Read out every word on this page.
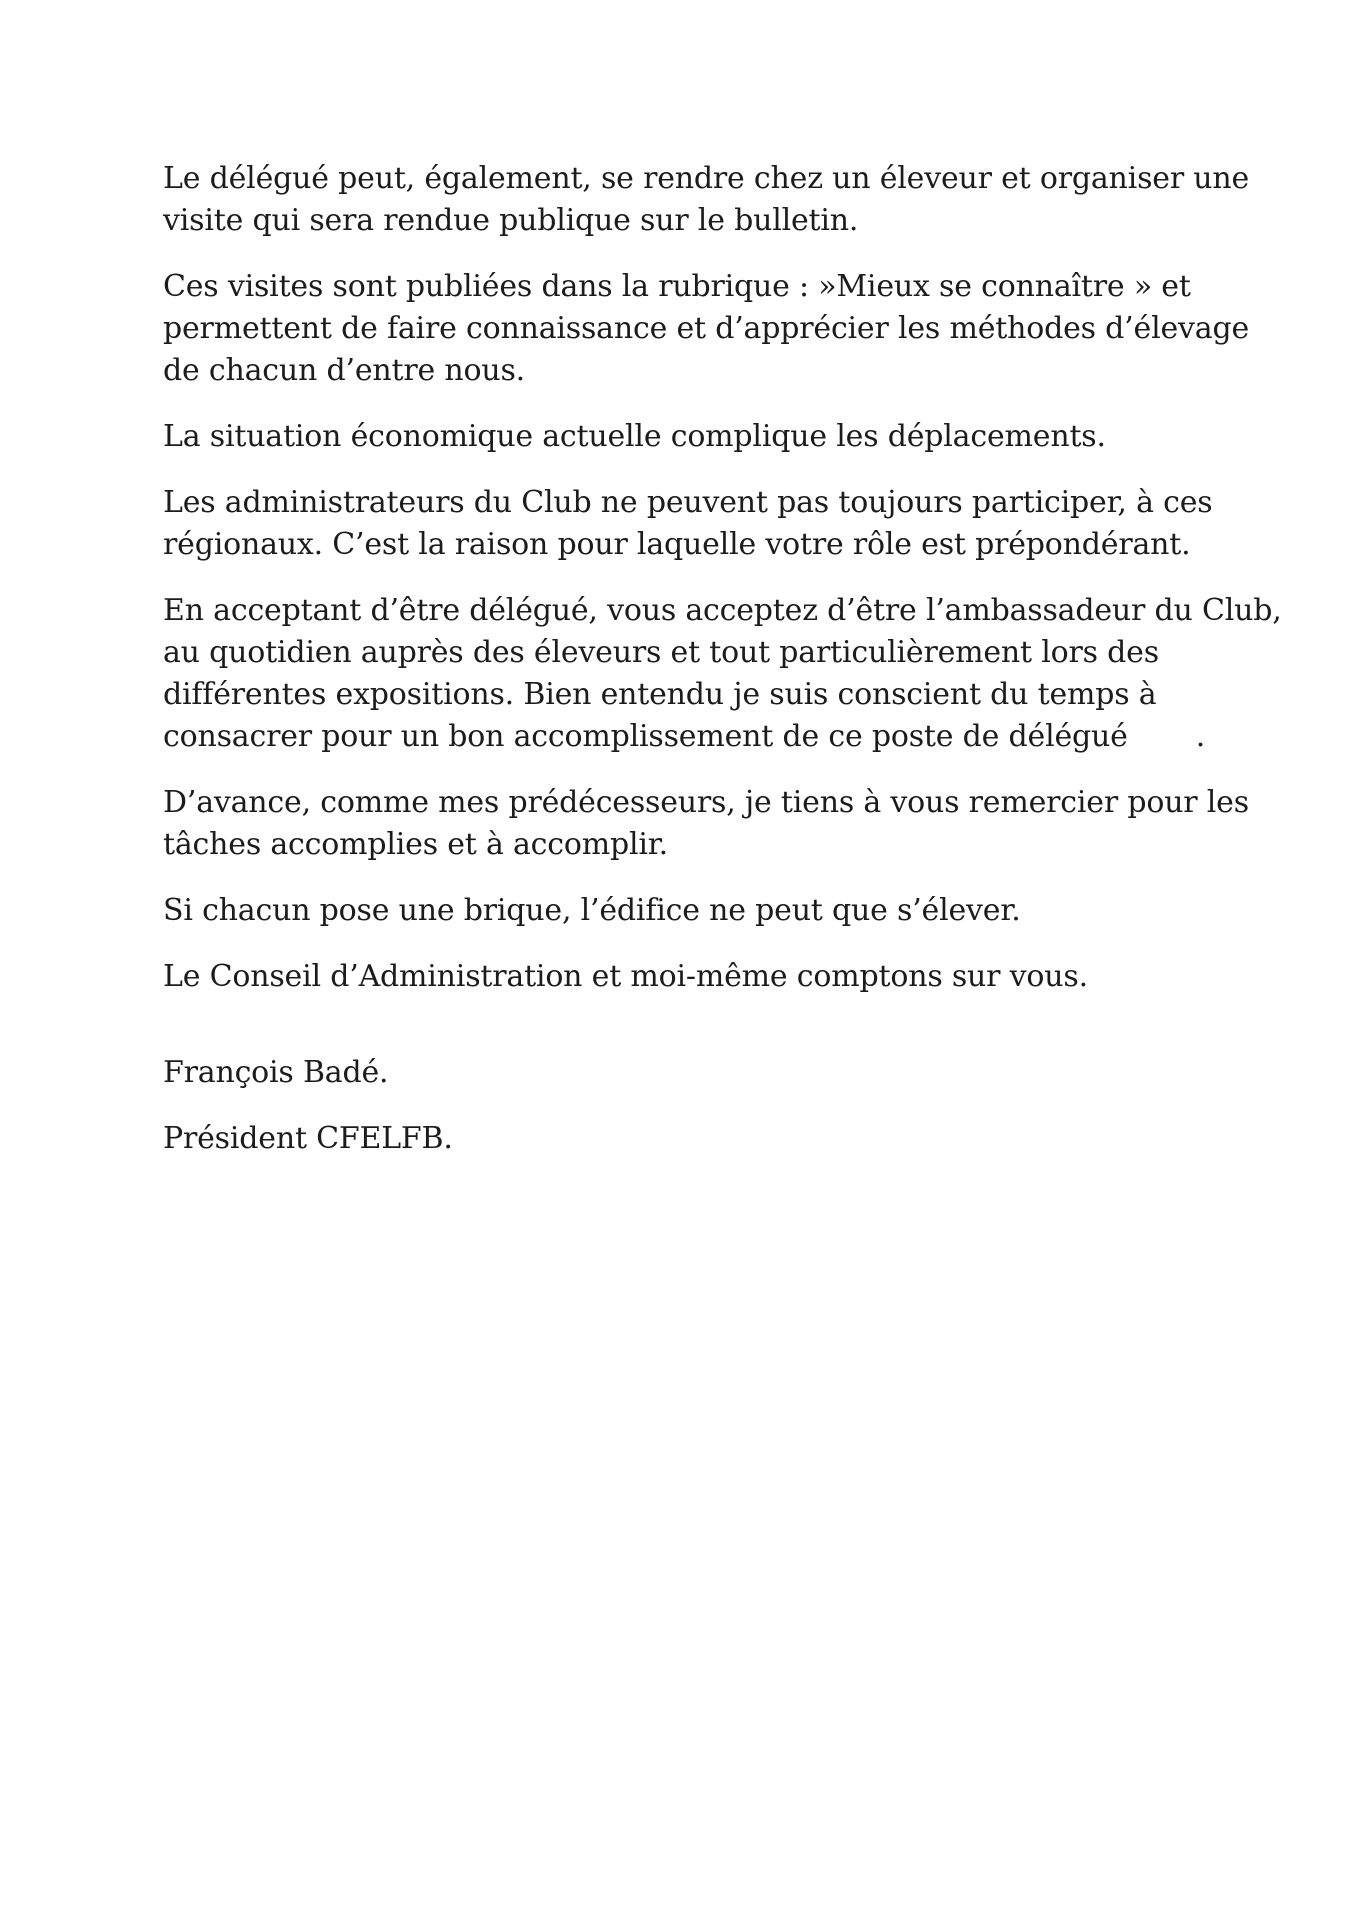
Le délégué peut, également, se rendre chez un éleveur et organiser une
visite qui sera rendue publique sur le bulletin.

Ces visites sont publiées dans la rubrique : »Mieux se connaître » et
permettent de faire connaissance et d’apprécier les méthodes d’élevage
de chacun d’entre nous.

La situation économique actuelle complique les déplacements.

Les administrateurs du Club ne peuvent pas toujours participer, à ces
régionaux. C’est la raison pour laquelle votre rôle est prépondérant.

En acceptant d’être délégué, vous acceptez d’être l’ambassadeur du Club,
au quotidien auprès des éleveurs et tout particulièrement lors des
différentes expositions. Bien entendu je suis conscient du temps à
consacrer pour un bon accomplissement de ce poste de délégué .

D’avance, comme mes prédécesseurs, je tiens à vous remercier pour les
tâches accomplies et à accomplir.

Si chacun pose une brique, l’édifice ne peut que s’élever.

Le Conseil d’Administration et moi-même comptons sur vous.

François Badé.

Président CFELFB.
